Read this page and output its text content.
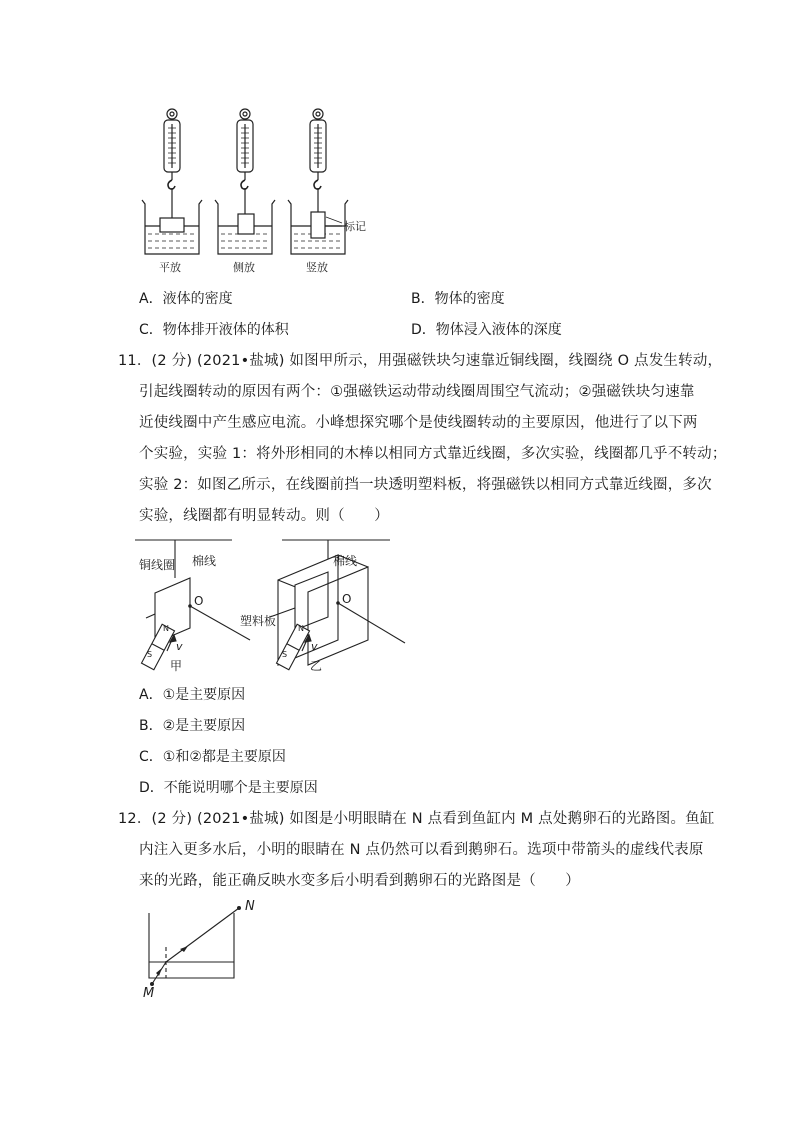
平放	侧放	竖放
标记
A．液体的密度	B．物体的密度
C．物体排开液体的体积	D．物体浸入液体的深度
11．(2 分) (2021•盐城) 如图甲所示，用强磁铁块匀速靠近铜线圈，线圈绕 O 点发生转动，
引起线圈转动的原因有两个：①强磁铁运动带动线圈周围空气流动；②强磁铁块匀速靠
近使线圈中产生感应电流。小峰想探究哪个是使线圈转动的主要原因，他进行了以下两
个实验，实验 1：将外形相同的木棒以相同方式靠近线圈，多次实验，线圈都几乎不转动；
实验 2：如图乙所示，在线圈前挡一块透明塑料板，将强磁铁以相同方式靠近线圈，多次
实验，线圈都有明显转动。则（　　）
铜线圈 棉线
O
N
S
v
甲
棉线
O
塑料板
N
S
v
乙
A．①是主要原因
B．②是主要原因
C．①和②都是主要原因
D．不能说明哪个是主要原因
12．(2 分) (2021•盐城) 如图是小明眼睛在 N 点看到鱼缸内 M 点处鹅卵石的光路图。鱼缸
内注入更多水后，小明的眼睛在 N 点仍然可以看到鹅卵石。选项中带箭头的虚线代表原
来的光路，能正确反映水变多后小明看到鹅卵石的光路图是（　　）
N
M
